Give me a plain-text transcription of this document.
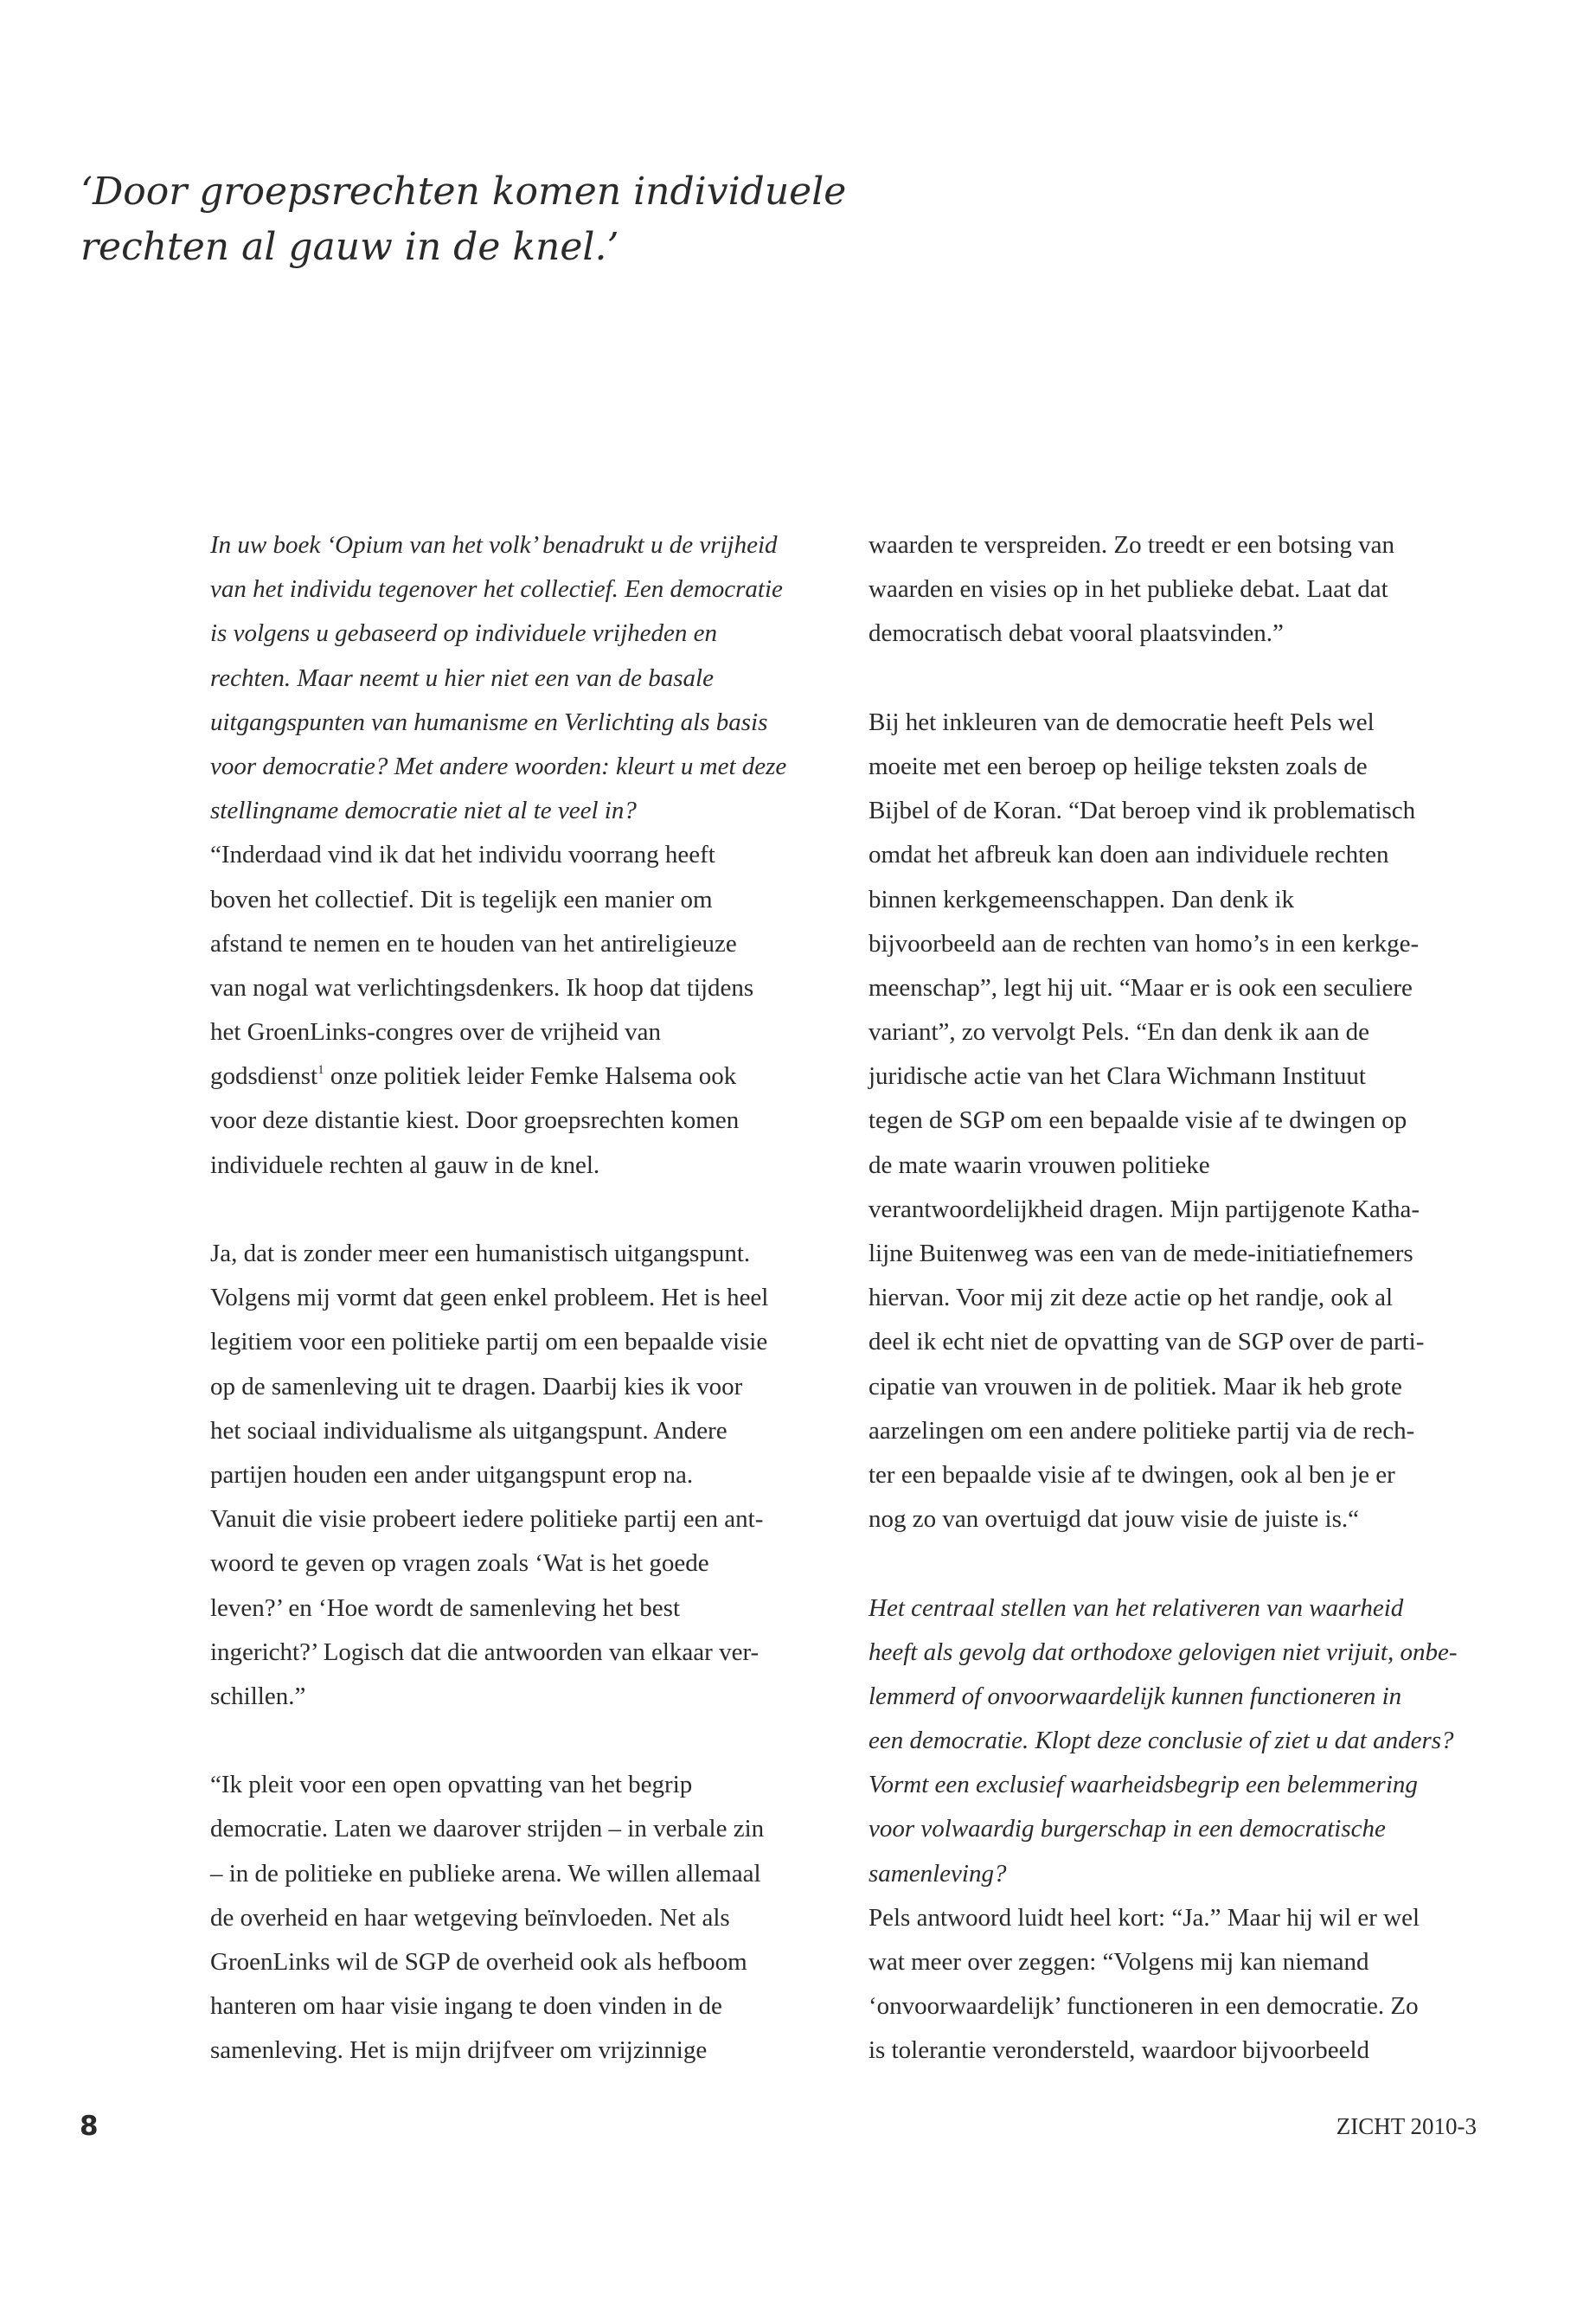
‘Door groepsrechten komen individuele
rechten al gauw in de knel.’
In uw boek ‘Opium van het volk’ benadrukt u de vrijheid
van het individu tegenover het collectief. Een democratie
is volgens u gebaseerd op individuele vrijheden en
rechten. Maar neemt u hier niet een van de basale
uitgangspunten van humanisme en Verlichting als basis
voor democratie? Met andere woorden: kleurt u met deze
stellingname democratie niet al te veel in?
“Inderdaad vind ik dat het individu voorrang heeft
boven het collectief. Dit is tegelijk een manier om
afstand te nemen en te houden van het antireligieuze
van nogal wat verlichtingsdenkers. Ik hoop dat tijdens
het GroenLinks-congres over de vrijheid van
godsdienst$^1$ onze politiek leider Femke Halsema ook
voor deze distantie kiest. Door groepsrechten komen
individuele rechten al gauw in de knel.
Ja, dat is zonder meer een humanistisch uitgangspunt.
Volgens mij vormt dat geen enkel probleem. Het is heel
legitiem voor een politieke partij om een bepaalde visie
op de samenleving uit te dragen. Daarbij kies ik voor
het sociaal individualisme als uitgangspunt. Andere
partijen houden een ander uitgangspunt erop na.
Vanuit die visie probeert iedere politieke partij een ant-
woord te geven op vragen zoals ‘Wat is het goede
leven?’ en ‘Hoe wordt de samenleving het best
ingericht?’ Logisch dat die antwoorden van elkaar ver-
schillen.”
“Ik pleit voor een open opvatting van het begrip
democratie. Laten we daarover strijden – in verbale zin
– in de politieke en publieke arena. We willen allemaal
de overheid en haar wetgeving beïnvloeden. Net als
GroenLinks wil de SGP de overheid ook als hefboom
hanteren om haar visie ingang te doen vinden in de
samenleving. Het is mijn drijfveer om vrijzinnige
waarden te verspreiden. Zo treedt er een botsing van
waarden en visies op in het publieke debat. Laat dat
democratisch debat vooral plaatsvinden.”
Bij het inkleuren van de democratie heeft Pels wel
moeite met een beroep op heilige teksten zoals de
Bijbel of de Koran. “Dat beroep vind ik problematisch
omdat het afbreuk kan doen aan individuele rechten
binnen kerkgemeenschappen. Dan denk ik
bijvoorbeeld aan de rechten van homo’s in een kerkge-
meenschap”, legt hij uit. “Maar er is ook een seculiere
variant”, zo vervolgt Pels. “En dan denk ik aan de
juridische actie van het Clara Wichmann Instituut
tegen de SGP om een bepaalde visie af te dwingen op
de mate waarin vrouwen politieke
verantwoordelijkheid dragen. Mijn partijgenote Katha-
lijne Buitenweg was een van de mede-initiatiefnemers
hiervan. Voor mij zit deze actie op het randje, ook al
deel ik echt niet de opvatting van de SGP over de parti-
cipatie van vrouwen in de politiek. Maar ik heb grote
aarzelingen om een andere politieke partij via de rech-
ter een bepaalde visie af te dwingen, ook al ben je er
nog zo van overtuigd dat jouw visie de juiste is.“
Het centraal stellen van het relativeren van waarheid
heeft als gevolg dat orthodoxe gelovigen niet vrijuit, onbe-
lemmerd of onvoorwaardelijk kunnen functioneren in
een democratie. Klopt deze conclusie of ziet u dat anders?
Vormt een exclusief waarheidsbegrip een belemmering
voor volwaardig burgerschap in een democratische
samenleving?
Pels antwoord luidt heel kort: “Ja.” Maar hij wil er wel
wat meer over zeggen: “Volgens mij kan niemand
‘onvoorwaardelijk’ functioneren in een democratie. Zo
is tolerantie verondersteld, waardoor bijvoorbeeld
8	ZICHT 2010-3
